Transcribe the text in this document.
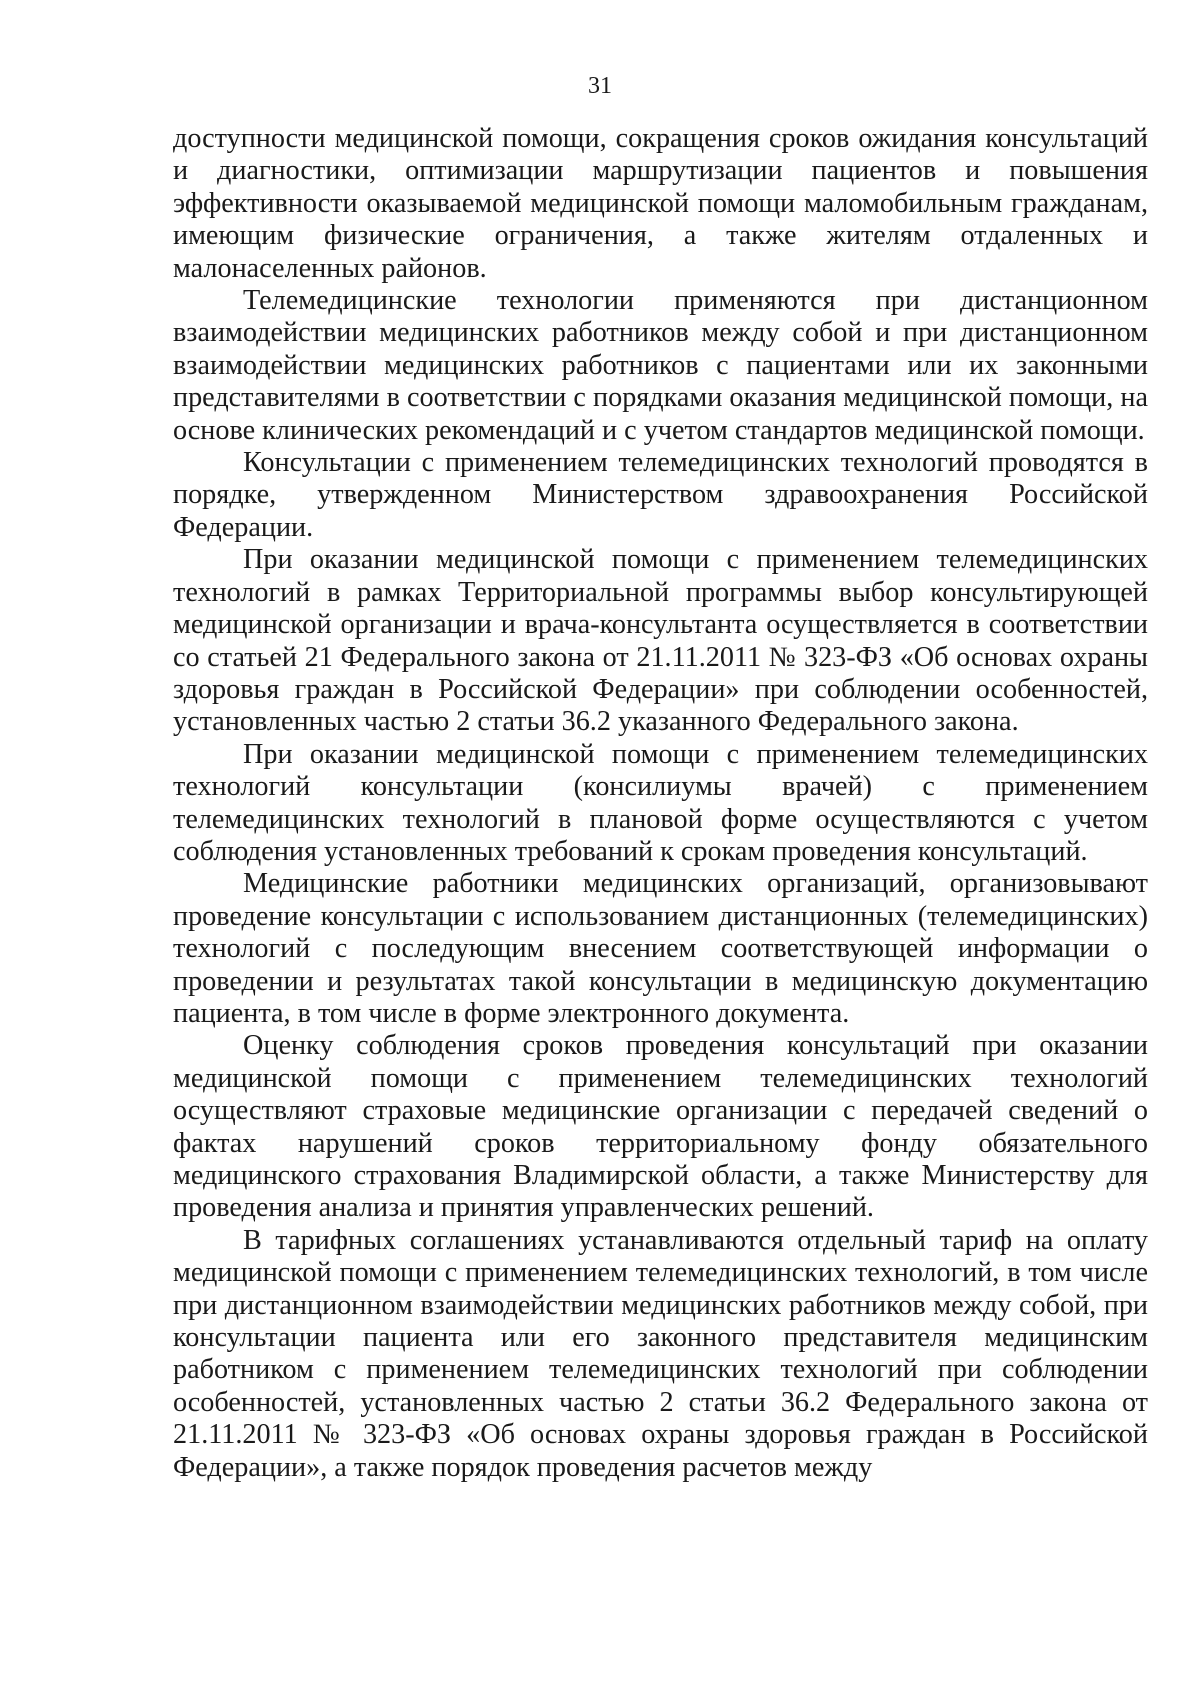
31

доступности медицинской помощи, сокращения сроков ожидания консультаций и диагностики, оптимизации маршрутизации пациентов и повышения эффективности оказываемой медицинской помощи маломобильным гражданам, имеющим физические ограничения, а также жителям отдаленных и малонаселенных районов.

Телемедицинские технологии применяются при дистанционном взаимодействии медицинских работников между собой и при дистанционном взаимодействии медицинских работников с пациентами или их законными представителями в соответствии с порядками оказания медицинской помощи, на основе клинических рекомендаций и с учетом стандартов медицинской помощи.

Консультации с применением телемедицинских технологий проводятся в порядке, утвержденном Министерством здравоохранения Российской Федерации.

При оказании медицинской помощи с применением телемедицинских технологий в рамках Территориальной программы выбор консультирующей медицинской организации и врача-консультанта осуществляется в соответствии со статьей 21 Федерального закона от 21.11.2011 № 323-ФЗ «Об основах охраны здоровья граждан в Российской Федерации» при соблюдении особенностей, установленных частью 2 статьи 36.2 указанного Федерального закона.

При оказании медицинской помощи с применением телемедицинских технологий консультации (консилиумы врачей) с применением телемедицинских технологий в плановой форме осуществляются с учетом соблюдения установленных требований к срокам проведения консультаций.

Медицинские работники медицинских организаций, организовывают проведение консультации с использованием дистанционных (телемедицинских) технологий с последующим внесением соответствующей информации о проведении и результатах такой консультации в медицинскую документацию пациента, в том числе в форме электронного документа.

Оценку соблюдения сроков проведения консультаций при оказании медицинской помощи с применением телемедицинских технологий осуществляют страховые медицинские организации с передачей сведений о фактах нарушений сроков территориальному фонду обязательного медицинского страхования Владимирской области, а также Министерству для проведения анализа и принятия управленческих решений.

В тарифных соглашениях устанавливаются отдельный тариф на оплату медицинской помощи с применением телемедицинских технологий, в том числе при дистанционном взаимодействии медицинских работников между собой, при консультации пациента или его законного представителя медицинским работником с применением телемедицинских технологий при соблюдении особенностей, установленных частью 2 статьи 36.2 Федерального закона от 21.11.2011 № 323-ФЗ «Об основах охраны здоровья граждан в Российской Федерации», а также порядок проведения расчетов между
